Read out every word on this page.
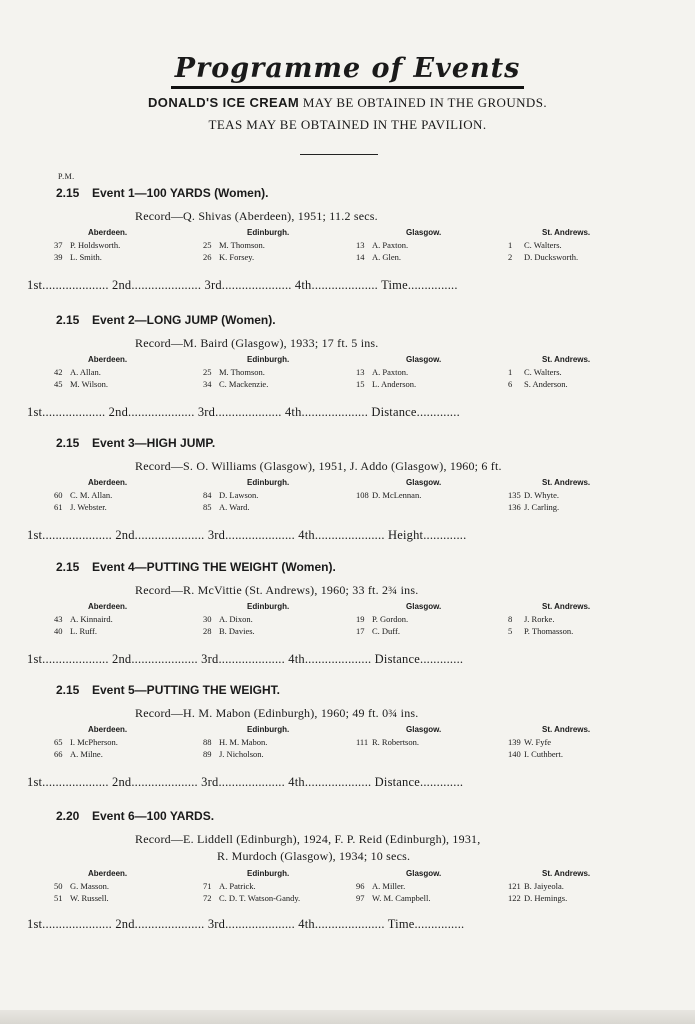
Programme of Events
DONALD'S ICE CREAM MAY BE OBTAINED IN THE GROUNDS.
TEAS MAY BE OBTAINED IN THE PAVILION.
P.M.
2.15 Event 1—100 YARDS (Women).
Record—Q. Shivas (Aberdeen), 1951; 11.2 secs.
Aberdeen.
37 P. Holdsworth.
39 L. Smith.
Edinburgh.
25 M. Thomson.
26 K. Forsey.
Glasgow.
13 A. Paxton.
14 A. Glen.
St. Andrews.
1 C. Walters.
2 D. Ducksworth.
1st.................... 2nd..................... 3rd..................... 4th.................... Time...............
2.15 Event 2—LONG JUMP (Women).
Record—M. Baird (Glasgow), 1933; 17 ft. 5 ins.
Aberdeen.
42 A. Allan.
45 M. Wilson.
Edinburgh.
25 M. Thomson.
34 C. Mackenzie.
Glasgow.
13 A. Paxton.
15 L. Anderson.
St. Andrews.
1 C. Walters.
6 S. Anderson.
1st................... 2nd.................... 3rd.................... 4th.................... Distance.............
2.15 Event 3—HIGH JUMP.
Record—S. O. Williams (Glasgow), 1951, J. Addo (Glasgow), 1960; 6 ft.
Aberdeen.
60 C. M. Allan.
61 J. Webster.
Edinburgh.
84 D. Lawson.
85 A. Ward.
Glasgow.
108 D. McLennan.
St. Andrews.
135 D. Whyte.
136 J. Carling.
1st..................... 2nd..................... 3rd..................... 4th..................... Height.............
2.15 Event 4—PUTTING THE WEIGHT (Women).
Record—R. McVittie (St. Andrews), 1960; 33 ft. 2¾ ins.
Aberdeen.
43 A. Kinnaird.
40 L. Ruff.
Edinburgh.
30 A. Dixon.
28 B. Davies.
Glasgow.
19 P. Gordon.
17 C. Duff.
St. Andrews.
8 J. Rorke.
5 P. Thomasson.
1st.................... 2nd.................... 3rd.................... 4th.................... Distance.............
2.15 Event 5—PUTTING THE WEIGHT.
Record—H. M. Mabon (Edinburgh), 1960; 49 ft. 0¾ ins.
Aberdeen.
65 I. McPherson.
66 A. Milne.
Edinburgh.
88 H. M. Mabon.
89 J. Nicholson.
Glasgow.
111 R. Robertson.
St. Andrews.
139 W. Fyfe
140 I. Cuthbert.
1st.................... 2nd.................... 3rd.................... 4th.................... Distance.............
2.20 Event 6—100 YARDS.
Record—E. Liddell (Edinburgh), 1924, F. P. Reid (Edinburgh), 1931,
R. Murdoch (Glasgow), 1934; 10 secs.
Aberdeen.
50 G. Masson.
51 W. Russell.
Edinburgh.
71 A. Patrick.
72 C. D. T. Watson-Gandy.
Glasgow.
96 A. Miller.
97 W. M. Campbell.
St. Andrews.
121 B. Jaiyeola.
122 D. Hemings.
1st..................... 2nd..................... 3rd..................... 4th..................... Time...............
